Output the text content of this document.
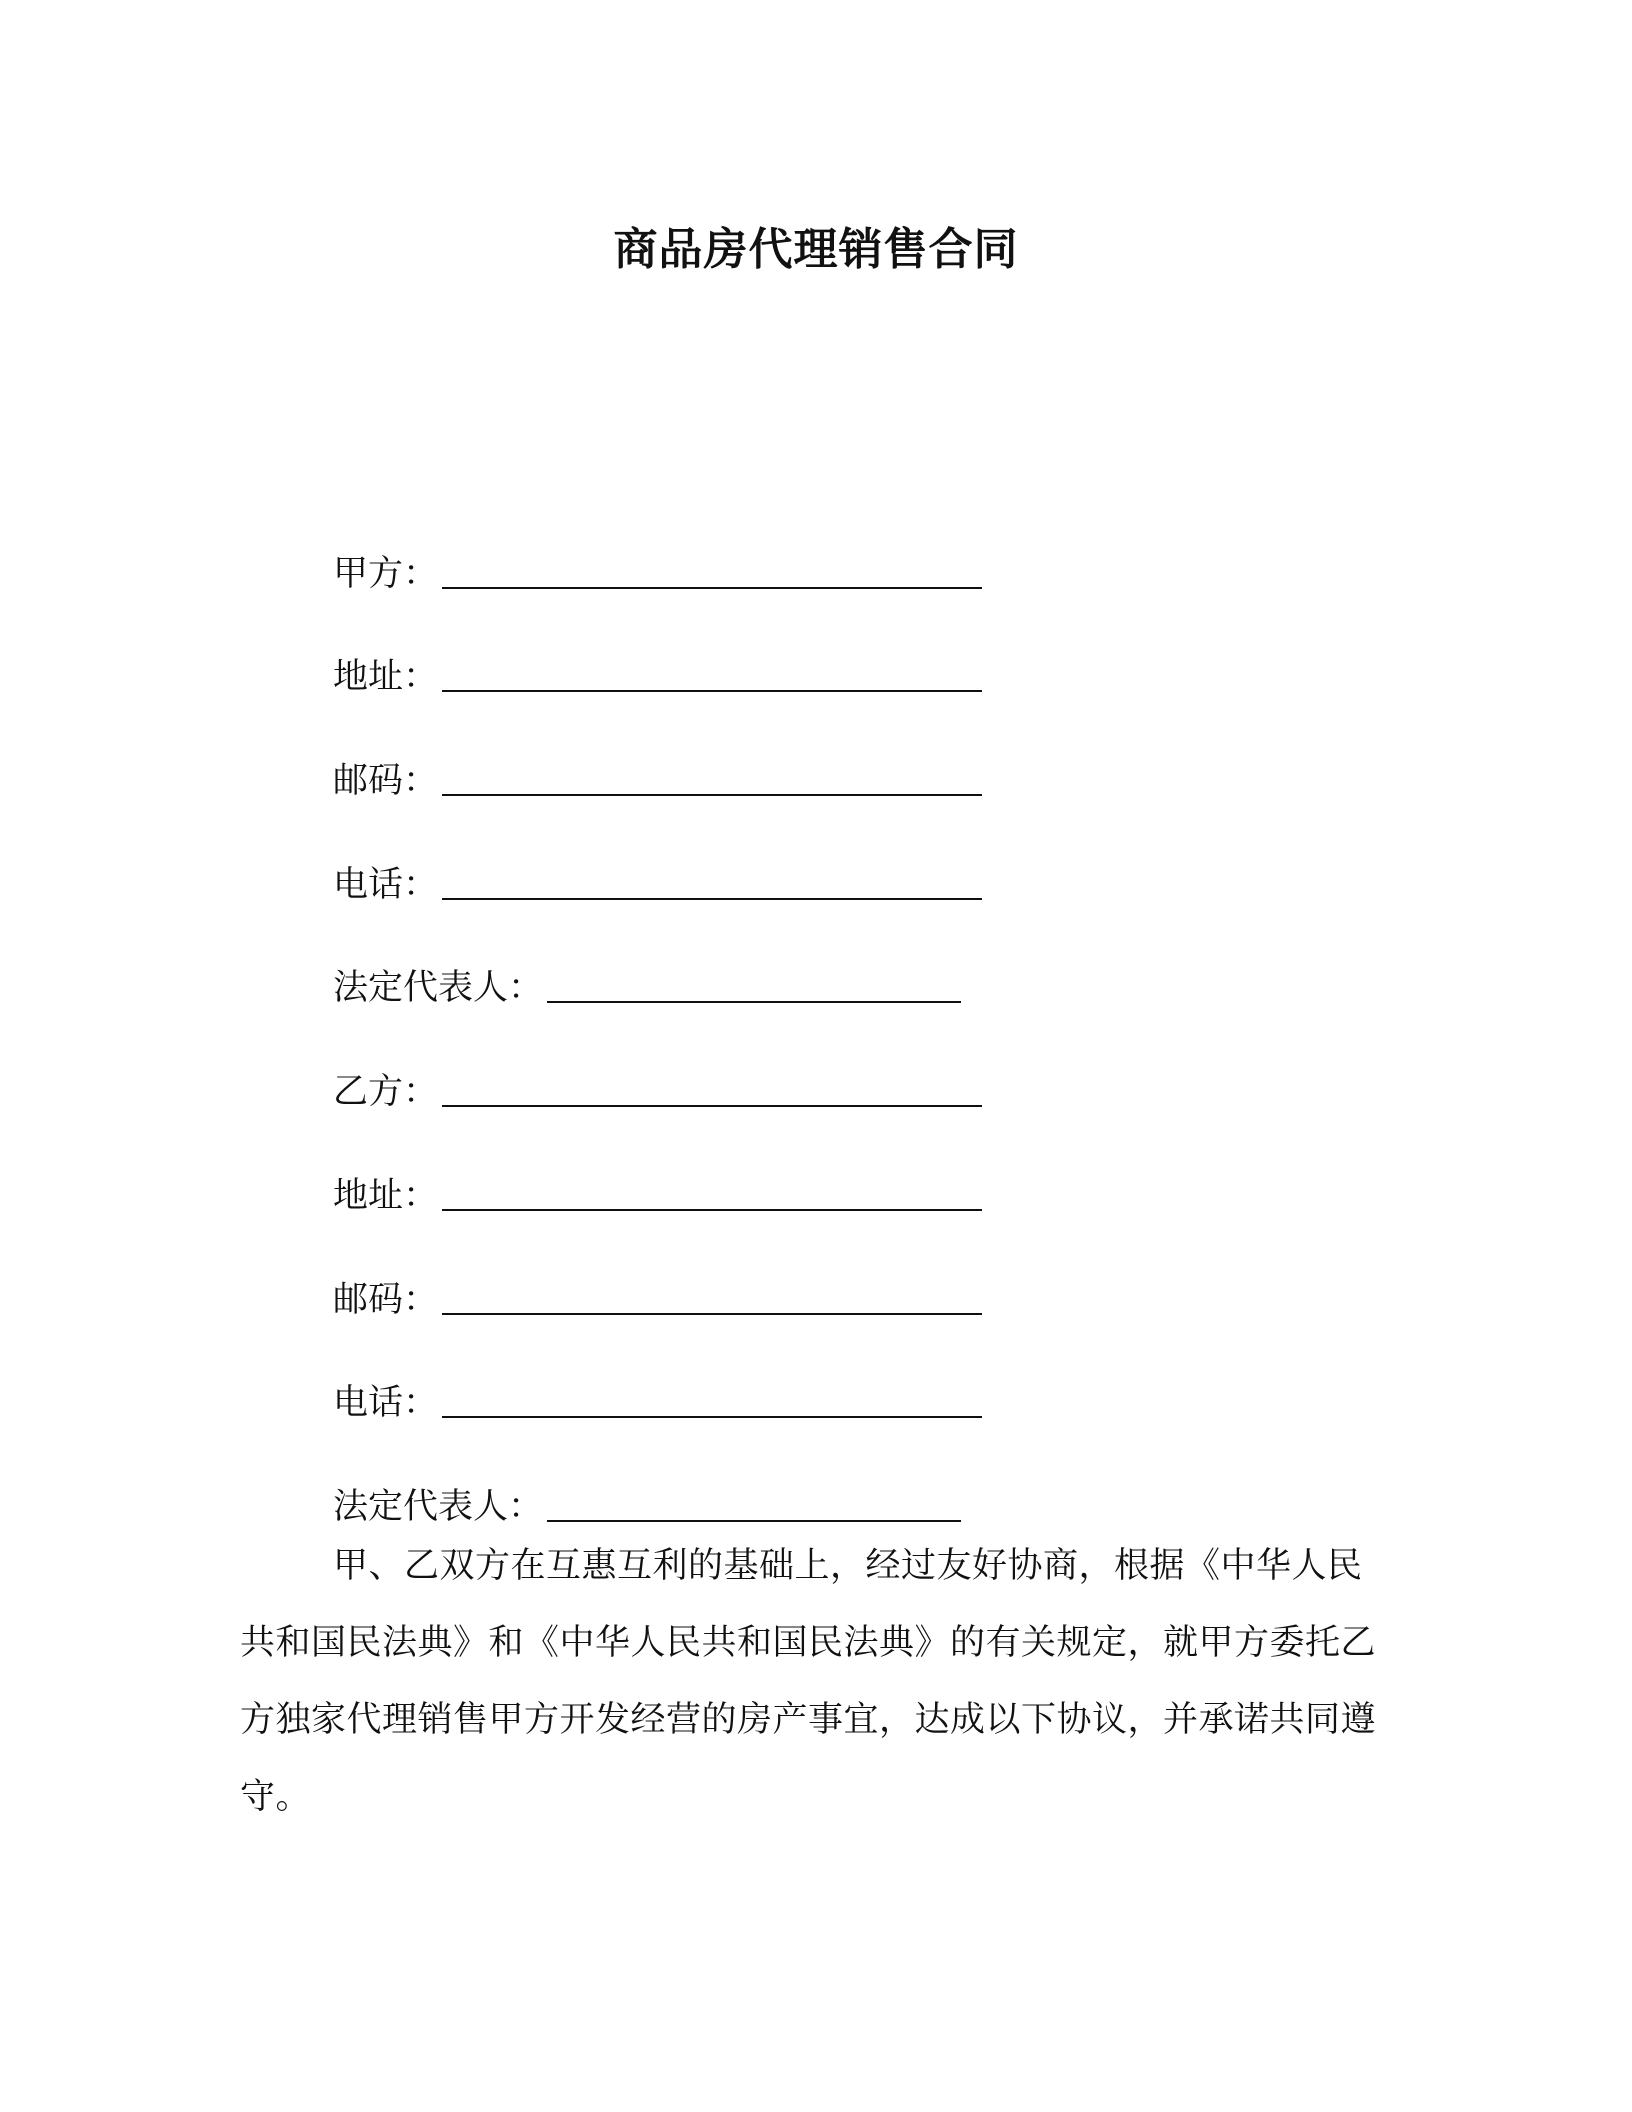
商品房代理销售合同
甲方：
地址：
邮码：
电话：
法定代表人：
乙方：
地址：
邮码：
电话：
法定代表人：

甲、乙双方在互惠互利的基础上，经过友好协商，根据《中华人民共和国民法典》和《中华人民共和国民法典》的有关规定，就甲方委托乙方独家代理销售甲方开发经营的房产事宜，达成以下协议，并承诺共同遵守。
